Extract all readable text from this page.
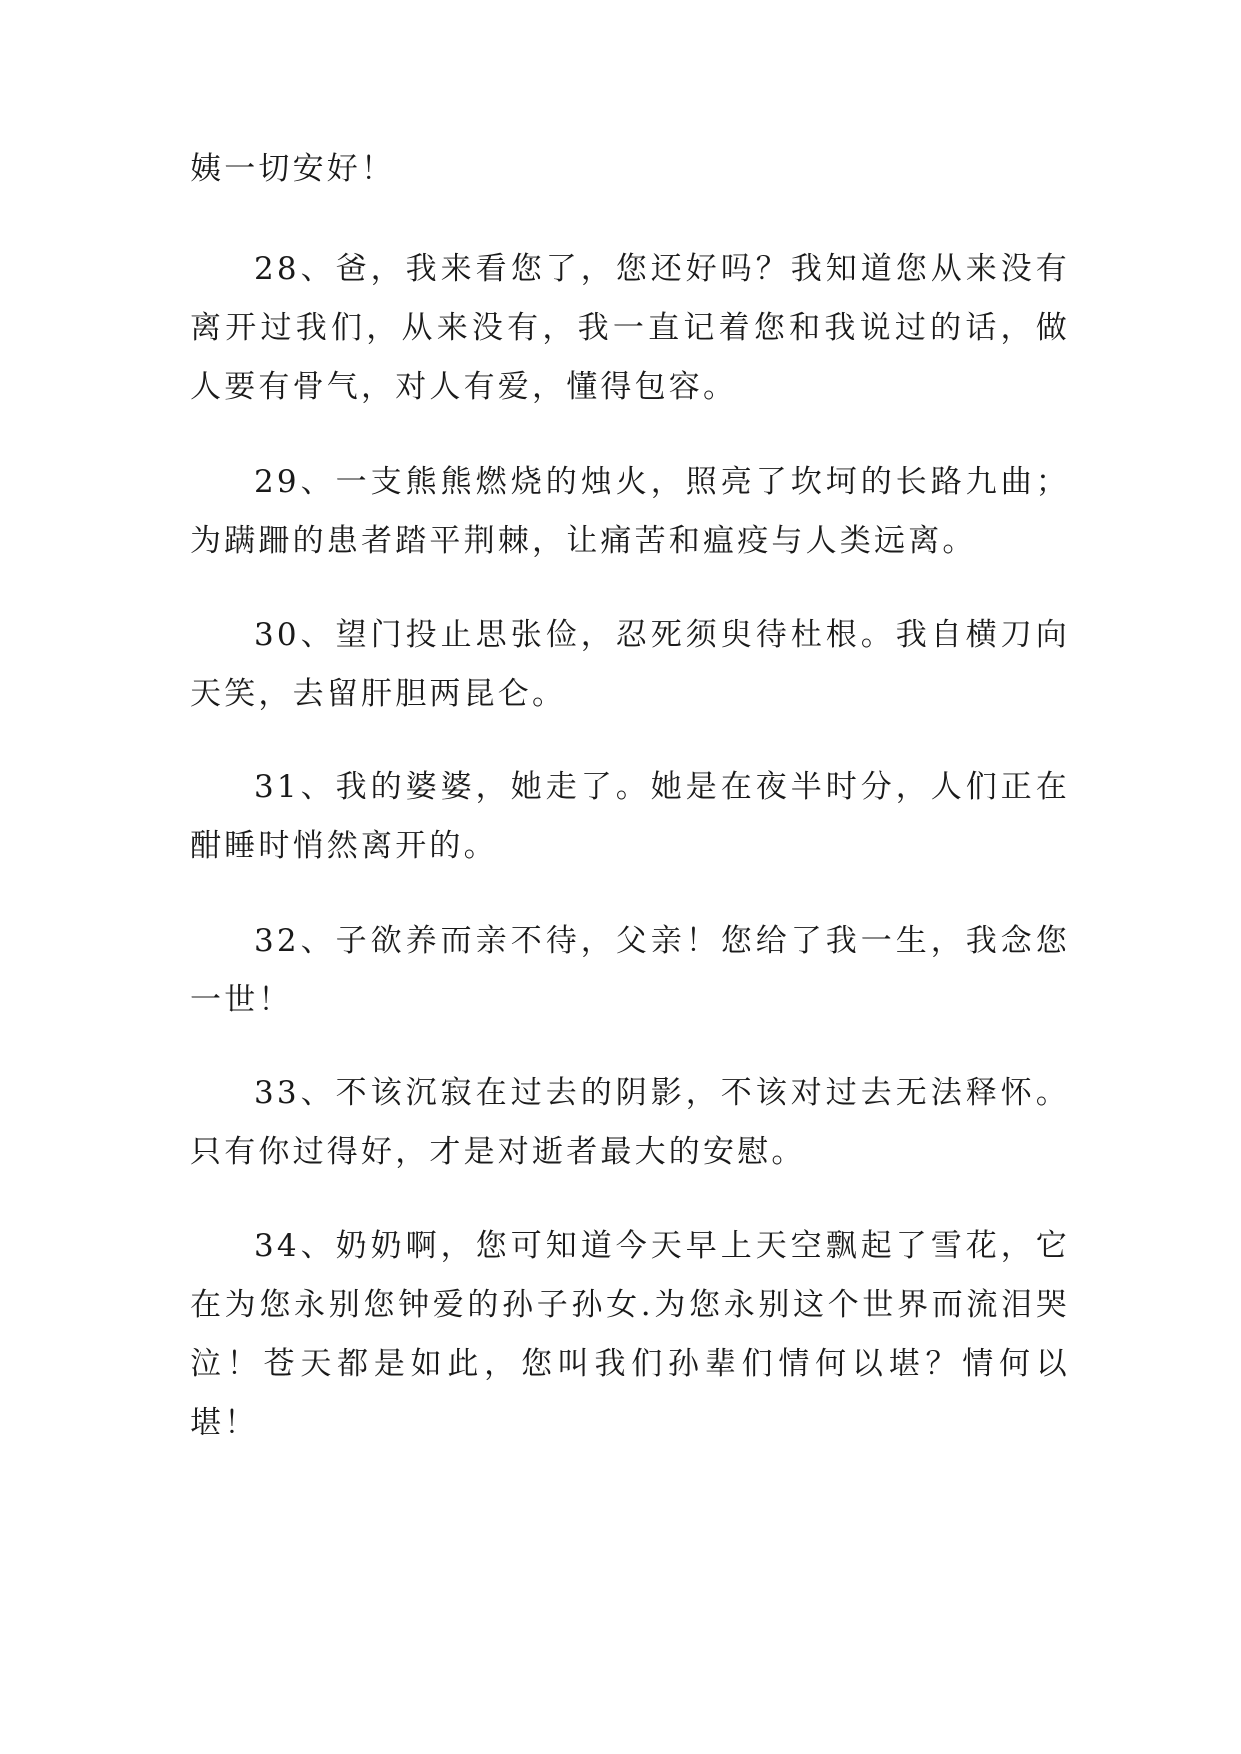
姨一切安好！

28、爸，我来看您了，您还好吗？我知道您从来没有离开过我们，从来没有，我一直记着您和我说过的话，做人要有骨气，对人有爱，懂得包容。

29、一支熊熊燃烧的烛火，照亮了坎坷的长路九曲；为蹒跚的患者踏平荆棘，让痛苦和瘟疫与人类远离。

30、望门投止思张俭，忍死须臾待杜根。我自横刀向天笑，去留肝胆两昆仑。

31、我的婆婆，她走了。她是在夜半时分，人们正在酣睡时悄然离开的。

32、子欲养而亲不待，父亲！您给了我一生，我念您一世！

33、不该沉寂在过去的阴影，不该对过去无法释怀。只有你过得好，才是对逝者最大的安慰。

34、奶奶啊，您可知道今天早上天空飘起了雪花，它在为您永别您钟爱的孙子孙女.为您永别这个世界而流泪哭泣！苍天都是如此，您叫我们孙辈们情何以堪？情何以堪！
